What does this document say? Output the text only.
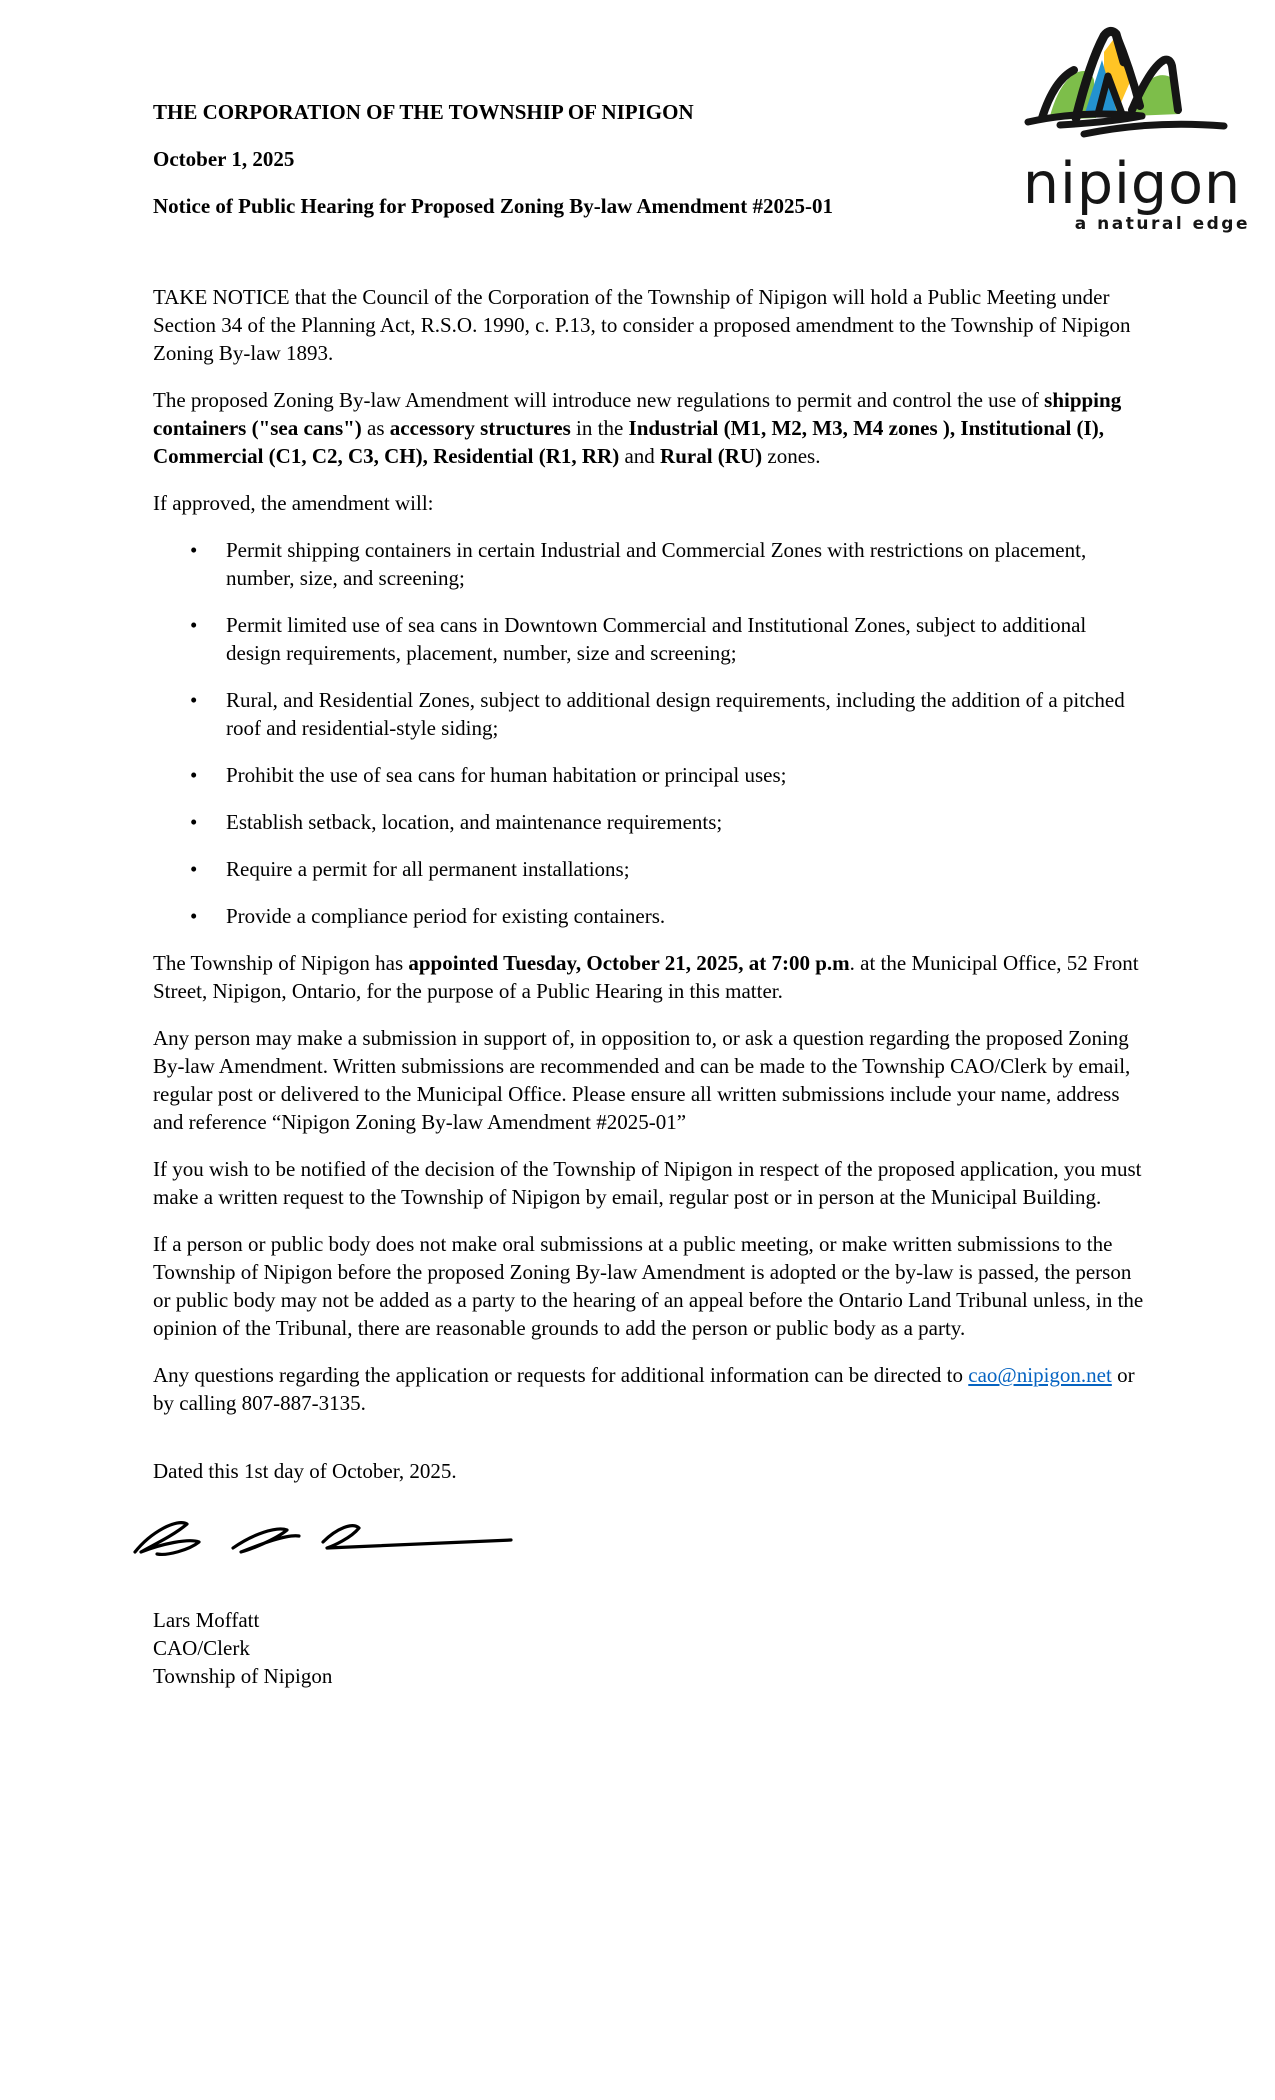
nipigon
a natural edge

THE CORPORATION OF THE TOWNSHIP OF NIPIGON

October 1, 2025

Notice of Public Hearing for Proposed Zoning By-law Amendment #2025-01

TAKE NOTICE that the Council of the Corporation of the Township of Nipigon will hold a Public Meeting under Section 34 of the Planning Act, R.S.O. 1990, c. P.13, to consider a proposed amendment to the Township of Nipigon Zoning By-law 1893.

The proposed Zoning By-law Amendment will introduce new regulations to permit and control the use of shipping containers ("sea cans") as accessory structures in the Industrial (M1, M2, M3, M4 zones ), Institutional (I), Commercial (C1, C2, C3, CH), Residential (R1, RR) and Rural (RU) zones.

If approved, the amendment will:

• Permit shipping containers in certain Industrial and Commercial Zones with restrictions on placement, number, size, and screening;
• Permit limited use of sea cans in Downtown Commercial and Institutional Zones, subject to additional design requirements, placement, number, size and screening;
• Rural, and Residential Zones, subject to additional design requirements, including the addition of a pitched roof and residential-style siding;
• Prohibit the use of sea cans for human habitation or principal uses;
• Establish setback, location, and maintenance requirements;
• Require a permit for all permanent installations;
• Provide a compliance period for existing containers.

The Township of Nipigon has appointed Tuesday, October 21, 2025, at 7:00 p.m. at the Municipal Office, 52 Front Street, Nipigon, Ontario, for the purpose of a Public Hearing in this matter.

Any person may make a submission in support of, in opposition to, or ask a question regarding the proposed Zoning By-law Amendment. Written submissions are recommended and can be made to the Township CAO/Clerk by email, regular post or delivered to the Municipal Office. Please ensure all written submissions include your name, address and reference “Nipigon Zoning By-law Amendment #2025-01”

If you wish to be notified of the decision of the Township of Nipigon in respect of the proposed application, you must make a written request to the Township of Nipigon by email, regular post or in person at the Municipal Building.

If a person or public body does not make oral submissions at a public meeting, or make written submissions to the Township of Nipigon before the proposed Zoning By-law Amendment is adopted or the by-law is passed, the person or public body may not be added as a party to the hearing of an appeal before the Ontario Land Tribunal unless, in the opinion of the Tribunal, there are reasonable grounds to add the person or public body as a party.

Any questions regarding the application or requests for additional information can be directed to cao@nipigon.net or by calling 807-887-3135.

Dated this 1st day of October, 2025.

Lars Moffatt
CAO/Clerk
Township of Nipigon
